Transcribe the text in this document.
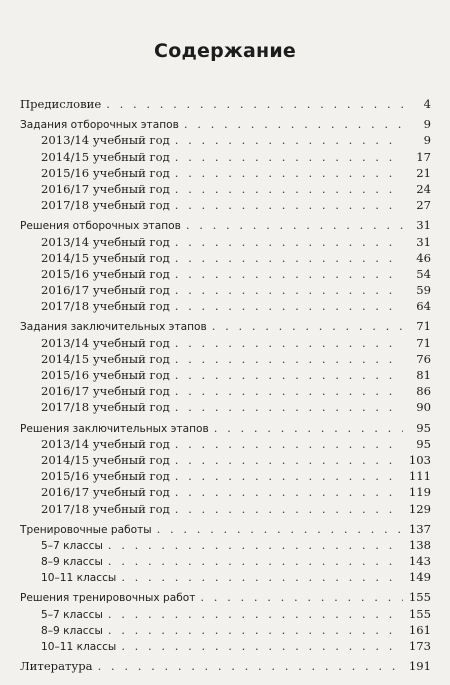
Содержание
Предисловие . . .	4
Задания отборочных этапов . . .	9
2013/14 учебный год . . .	9
2014/15 учебный год . . .	17
2015/16 учебный год . . .	21
2016/17 учебный год . . .	24
2017/18 учебный год . . .	27
Решения отборочных этапов . . .	31
2013/14 учебный год . . .	31
2014/15 учебный год . . .	46
2015/16 учебный год . . .	54
2016/17 учебный год . . .	59
2017/18 учебный год . . .	64
Задания заключительных этапов . . .	71
2013/14 учебный год . . .	71
2014/15 учебный год . . .	76
2015/16 учебный год . . .	81
2016/17 учебный год . . .	86
2017/18 учебный год . . .	90
Решения заключительных этапов . . .	95
2013/14 учебный год . . .	95
2014/15 учебный год . . .	103
2015/16 учебный год . . .	111
2016/17 учебный год . . .	119
2017/18 учебный год . . .	129
Тренировочные работы . . .	137
5–7 классы . . .	138
8–9 классы . . .	143
10–11 классы . . .	149
Решения тренировочных работ . . .	155
5–7 классы . . .	155
8–9 классы . . .	161
10–11 классы . . .	173
Литература . . .	191
